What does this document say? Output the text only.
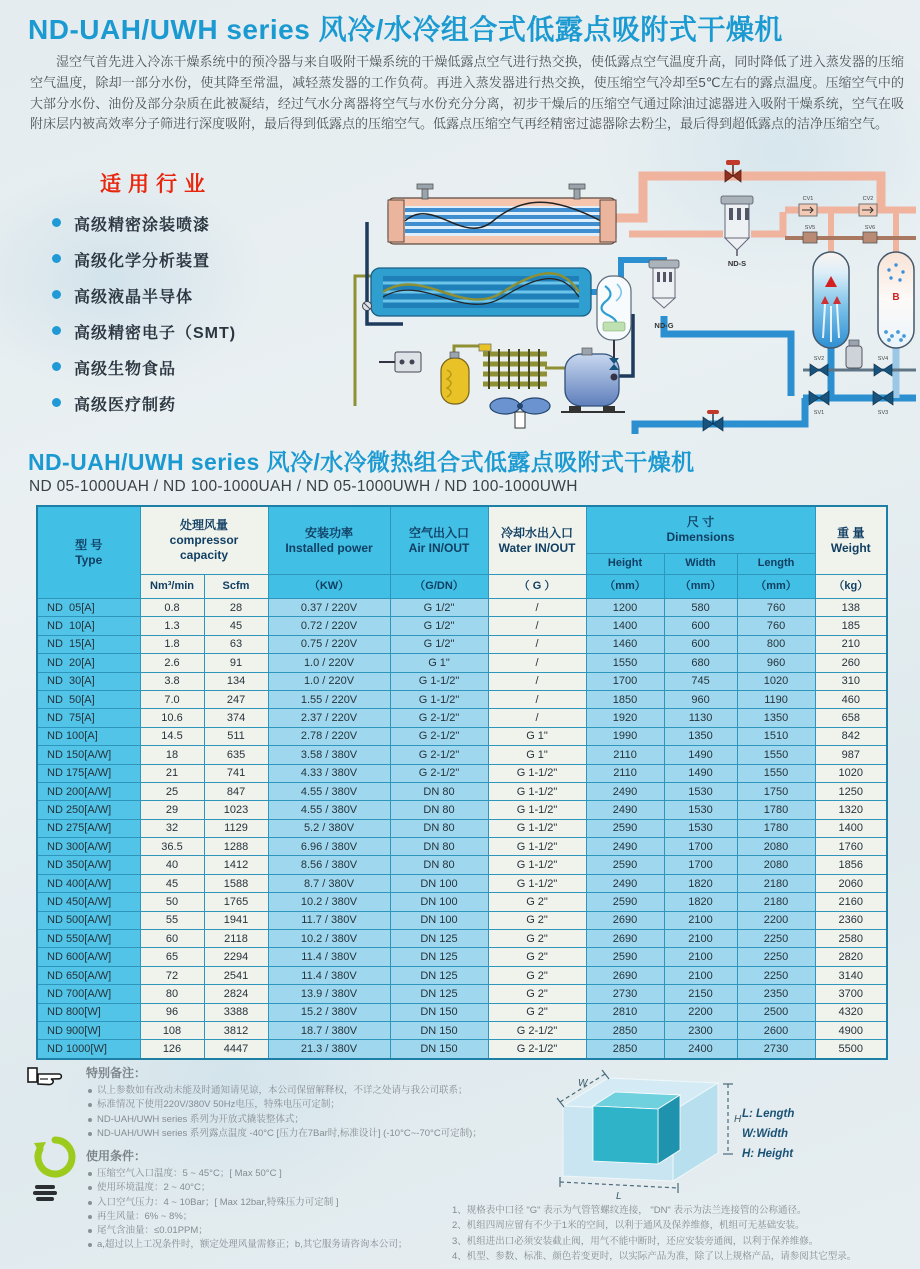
ND-UAH/UWH series 风冷/水冷组合式低露点吸附式干燥机
湿空气首先进入冷冻干燥系统中的预冷器与来自吸附干燥系统的干燥低露点空气进行热交换，使低露点空气温度升高，同时降低了进入蒸发器的压缩空气温度，除却一部分水份，使其降至常温，减轻蒸发器的工作负荷。再进入蒸发器进行热交换，使压缩空气冷却至5℃左右的露点温度。压缩空气中的大部分水份、油份及部分杂质在此被凝结，经过气水分离器将空气与水份充分分离，初步干燥后的压缩空气通过除油过滤器进入吸附干燥系统，空气在吸附床层内被高效率分子筛进行深度吸附，最后得到低露点的压缩空气。低露点压缩空气再经精密过滤器除去粉尘，最后得到超低露点的洁净压缩空气。
适用行业
高级精密涂装喷漆
高级化学分析装置
高级液晶半导体
高级精密电子（SMT)
高级生物食品
高级医疗制药
ND-G
ND-S
CV1	CV2
SV5	SV6
B
SV2	SV4
SV1	SV3
ND-UAH/UWH series 风冷/水冷微热组合式低露点吸附式干燥机
ND 05-1000UAH / ND 100-1000UAH / ND 05-1000UWH / ND 100-1000UWH
型 号
Type

处理风量
compressor
capacity

安装功率
Installed power

空气出入口
Air IN/OUT

冷却水出入口
Water IN/OUT

尺 寸
Dimensions	重 量
Weight

						Height	Width	Length	
	Nm³/min	Scfm	（KW）	（G/DN）	（ G ）	（mm）	（mm）	（mm）	（kg）
ND  05[A]	0.8	28	0.37 / 220V	G 1/2"	/	1200	580	760	138
ND  10[A]	1.3	45	0.72 / 220V	G 1/2"	/	1400	600	760	185
ND  15[A]	1.8	63	0.75 / 220V	G 1/2"	/	1460	600	800	210
ND  20[A]	2.6	91	1.0 / 220V	G 1"	/	1550	680	960	260
ND  30[A]	3.8	134	1.0 / 220V	G 1-1/2"	/	1700	745	1020	310
ND  50[A]	7.0	247	1.55 / 220V	G 1-1/2"	/	1850	960	1190	460
ND  75[A]	10.6	374	2.37 / 220V	G 2-1/2"	/	1920	1130	1350	658
ND 100[A]	14.5	511	2.78 / 220V	G 2-1/2"	G 1"	1990	1350	1510	842
ND 150[A/W]	18	635	3.58 / 380V	G 2-1/2"	G 1"	2110	1490	1550	987
ND 175[A/W]	21	741	4.33 / 380V	G 2-1/2"	G 1-1/2"	2110	1490	1550	1020
ND 200[A/W]	25	847	4.55 / 380V	DN 80	G 1-1/2"	2490	1530	1750	1250
ND 250[A/W]	29	1023	4.55 / 380V	DN 80	G 1-1/2"	2490	1530	1780	1320
ND 275[A/W]	32	1129	5.2 / 380V	DN 80	G 1-1/2"	2590	1530	1780	1400
ND 300[A/W]	36.5	1288	6.96 / 380V	DN 80	G 1-1/2"	2490	1700	2080	1760
ND 350[A/W]	40	1412	8.56 / 380V	DN 80	G 1-1/2"	2590	1700	2080	1856
ND 400[A/W]	45	1588	8.7 / 380V	DN 100	G 1-1/2"	2490	1820	2180	2060
ND 450[A/W]	50	1765	10.2 / 380V	DN 100	G 2"	2590	1820	2180	2160
ND 500[A/W]	55	1941	11.7 / 380V	DN 100	G 2"	2690	2100	2200	2360
ND 550[A/W]	60	2118	10.2 / 380V	DN 125	G 2"	2690	2100	2250	2580
ND 600[A/W]	65	2294	11.4 / 380V	DN 125	G 2"	2590	2100	2250	2820
ND 650[A/W]	72	2541	11.4 / 380V	DN 125	G 2"	2690	2100	2250	3140
ND 700[A/W]	80	2824	13.9 / 380V	DN 125	G 2"	2730	2150	2350	3700
ND 800[W]	96	3388	15.2 / 380V	DN 150	G 2"	2810	2200	2500	4320
ND 900[W]	108	3812	18.7 / 380V	DN 150	G 2-1/2"	2850	2300	2600	4900
ND 1000[W]	126	4447	21.3 / 380V	DN 150	G 2-1/2"	2850	2400	2730	5500

特别备注：

以上参数如有改动未能及时通知请见谅，本公司保留解释权，不详之处请与我公司联系；
标准情况下使用220V/380V 50Hz电压，特殊电压可定制；
ND-UAH/UWH series 系列为开放式撬装整体式；
ND-UAH/UWH series 系列露点温度 -40°C [压力在7Bar时,标准设计] (-10°C~-70°C可定制)；

使用条件：

压缩空气入口温度：5 ~ 45°C；[ Max 50°C ]
使用环境温度：2 ~ 40°C；
入口空气压力：4 ~ 10Bar；[ Max 12bar,特殊压力可定制 ]
再生风量：6% ~ 8%；
尾气含油量：≤0.01PPM；
a,超过以上工况条件时，额定处理风量需修正；b,其它服务请咨询本公司；
1、规格表中口径 "G" 表示为气管管螺纹连接， "DN" 表示为法兰连接管的公称通径。
2、机组四周应留有不少于1米的空间，以利于通风及保养维修，机组可无基础安装。
3、机组进出口必须安装截止阀，用气不能中断时，还应安装旁通阀，以利于保养维修。
4、机型、参数、标准、颜色若变更时，以实际产品为准，除了以上规格产品，请参阅其它型录。
W
H
L
L: Length
W:Width
H: Height
